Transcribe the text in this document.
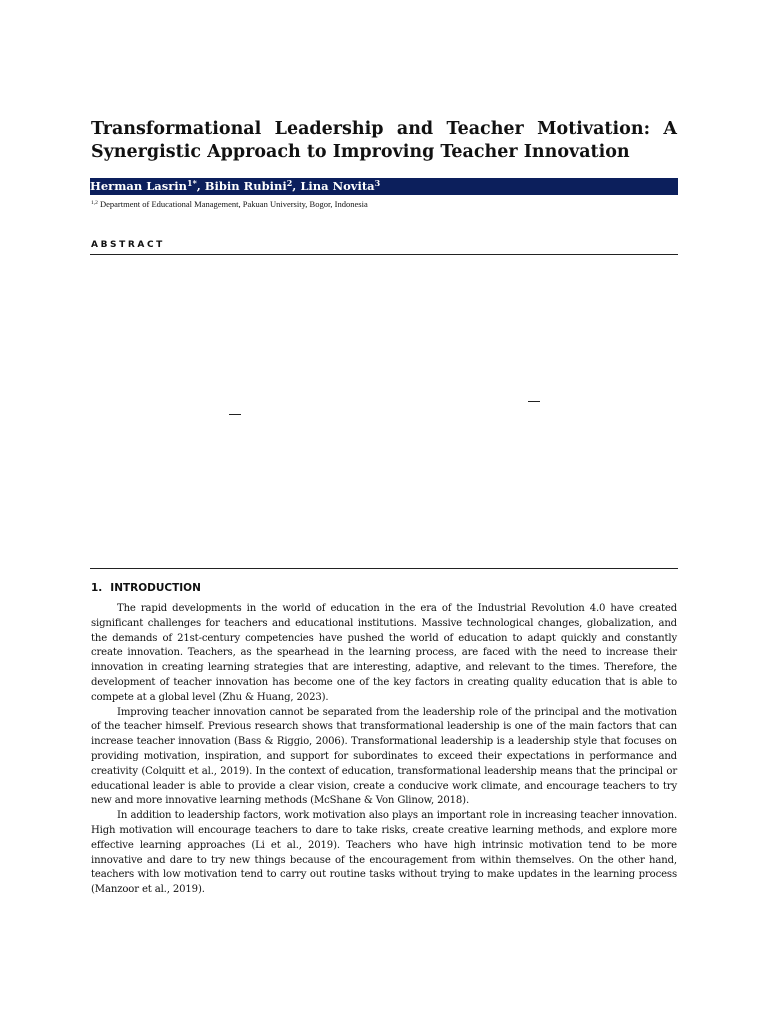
Transformational Leadership and Teacher Motivation: A Synergistic Approach to Improving Teacher Innovation
Herman Lasrin$^{1*}$, Bibin Rubini$^2$, Lina Novita$^3$
$^{1,2}$ Department of Educational Management, Pakuan University, Bogor, Indonesia
ABSTRACT
1. INTRODUCTION

The rapid developments in the world of education in the era of the Industrial Revolution 4.0 have created significant challenges for teachers and educational institutions. Massive technological changes, globalization, and the demands of 21st-century competencies have pushed the world of education to adapt quickly and constantly create innovation. Teachers, as the spearhead in the learning process, are faced with the need to increase their innovation in creating learning strategies that are interesting, adaptive, and relevant to the times. Therefore, the development of teacher innovation has become one of the key factors in creating quality education that is able to compete at a global level (Zhu & Huang, 2023).

Improving teacher innovation cannot be separated from the leadership role of the principal and the motivation of the teacher himself. Previous research shows that transformational leadership is one of the main factors that can increase teacher innovation (Bass & Riggio, 2006). Transformational leadership is a leadership style that focuses on providing motivation, inspiration, and support for subordinates to exceed their expectations in performance and creativity (Colquitt et al., 2019). In the context of education, transformational leadership means that the principal or educational leader is able to provide a clear vision, create a conducive work climate, and encourage teachers to try new and more innovative learning methods (McShane & Von Glinow, 2018).

In addition to leadership factors, work motivation also plays an important role in increasing teacher innovation. High motivation will encourage teachers to dare to take risks, create creative learning methods, and explore more effective learning approaches (Li et al., 2019). Teachers who have high intrinsic motivation tend to be more innovative and dare to try new things because of the encouragement from within themselves. On the other hand, teachers with low motivation tend to carry out routine tasks without trying to make updates in the learning process (Manzoor et al., 2019).
